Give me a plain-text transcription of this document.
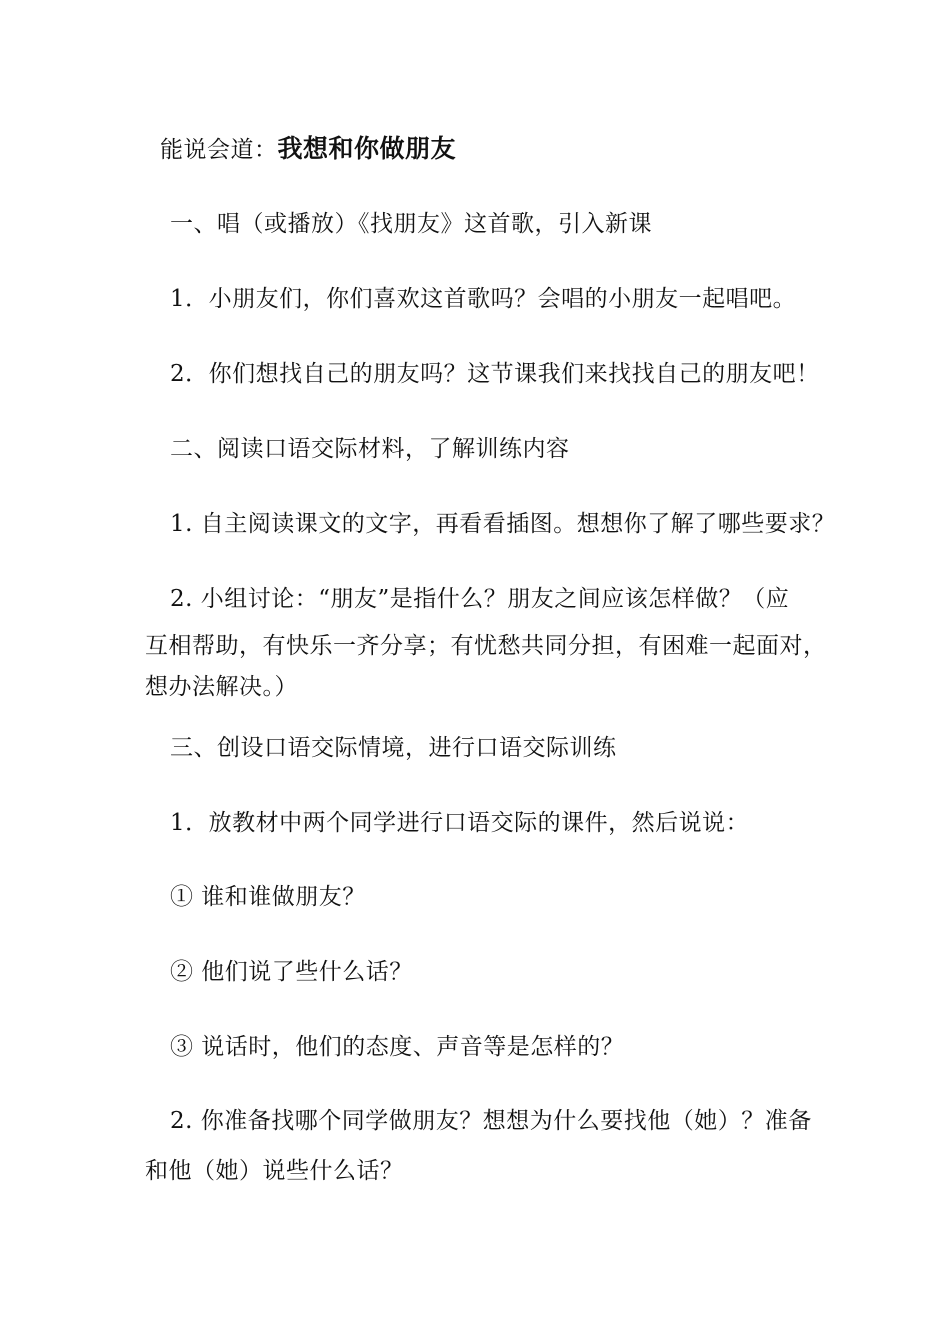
能说会道：我想和你做朋友
一、唱（或播放）《找朋友》这首歌，引入新课
1．小朋友们，你们喜欢这首歌吗？会唱的小朋友一起唱吧。
2．你们想找自己的朋友吗？这节课我们来找找自己的朋友吧！
二、阅读口语交际材料，了解训练内容
1. 自主阅读课文的文字，再看看插图。想想你了解了哪些要求？
2. 小组讨论：“朋友”是指什么？朋友之间应该怎样做？（应
互相帮助，有快乐一齐分享；有忧愁共同分担，有困难一起面对，
想办法解决。）
三、创设口语交际情境，进行口语交际训练
1．放教材中两个同学进行口语交际的课件，然后说说：
① 谁和谁做朋友？
② 他们说了些什么话？
③ 说话时，他们的态度、声音等是怎样的？
2. 你准备找哪个同学做朋友？想想为什么要找他（她）？准备
和他（她）说些什么话？
